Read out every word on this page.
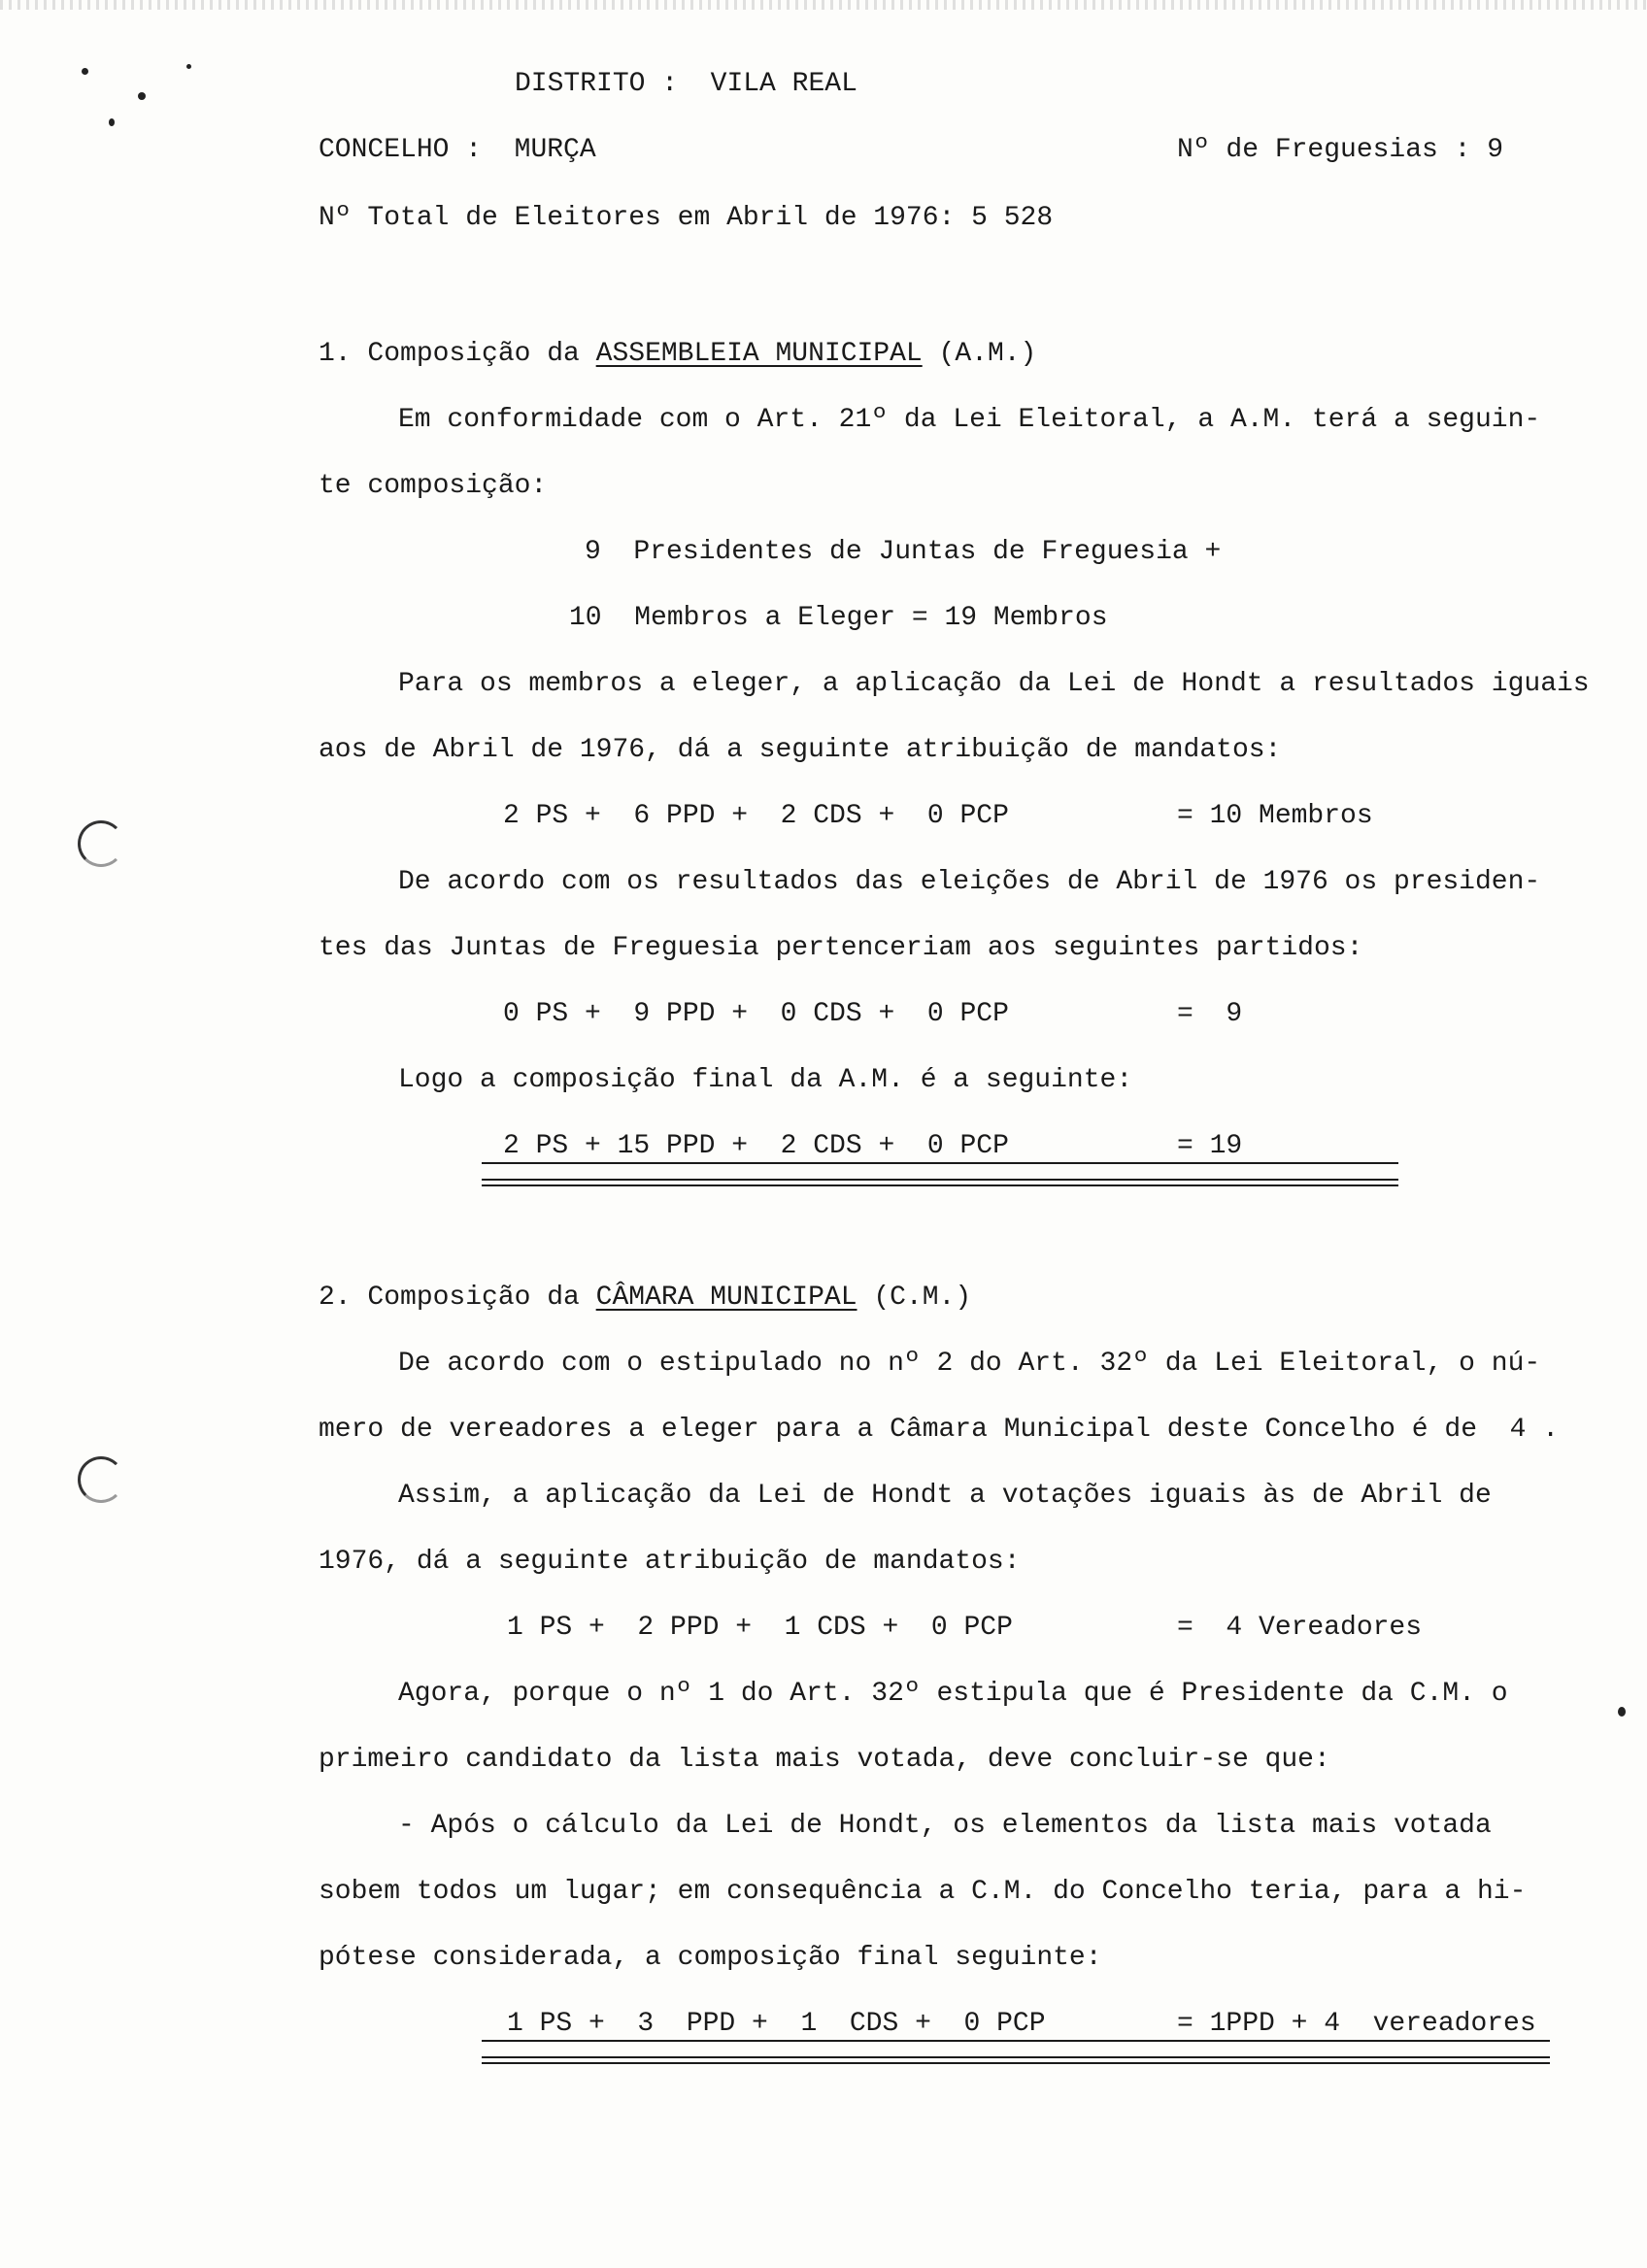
DISTRITO : VILA REAL
CONCELHO : MURÇA	Nº de Freguesias : 9
Nº Total de Eleitores em Abril de 1976: 5 528
1. Composição da ASSEMBLEIA MUNICIPAL (A.M.)
Em conformidade com o Art. 21º da Lei Eleitoral, a A.M. terá a seguin-
te composição:
9  Presidentes de Juntas de Freguesia +
10  Membros a Eleger = 19 Membros
Para os membros a eleger, a aplicação da Lei de Hondt a resultados iguais
aos de Abril de 1976, dá a seguinte atribuição de mandatos:
2 PS +  6 PPD +  2 CDS +  0 PCP	= 10 Membros
De acordo com os resultados das eleições de Abril de 1976 os presiden-
tes das Juntas de Freguesia pertenceriam aos seguintes partidos:
0 PS +  9 PPD +  0 CDS +  0 PCP	=  9
Logo a composição final da A.M. é a seguinte:
2 PS + 15 PPD +  2 CDS +  0 PCP	= 19
2. Composição da CÂMARA MUNICIPAL (C.M.)
De acordo com o estipulado no nº 2 do Art. 32º da Lei Eleitoral, o nú-
mero de vereadores a eleger para a Câmara Municipal deste Concelho é de  4 .
Assim, a aplicação da Lei de Hondt a votações iguais às de Abril de
1976, dá a seguinte atribuição de mandatos:
1 PS +  2 PPD +  1 CDS +  0 PCP	=  4 Vereadores
Agora, porque o nº 1 do Art. 32º estipula que é Presidente da C.M. o
primeiro candidato da lista mais votada, deve concluir-se que:
- Após o cálculo da Lei de Hondt, os elementos da lista mais votada
sobem todos um lugar; em consequência a C.M. do Concelho teria, para a hi-
pótese considerada, a composição final seguinte:
1 PS +  3  PPD +  1  CDS +  0 PCP	= 1PPD + 4  vereadores
